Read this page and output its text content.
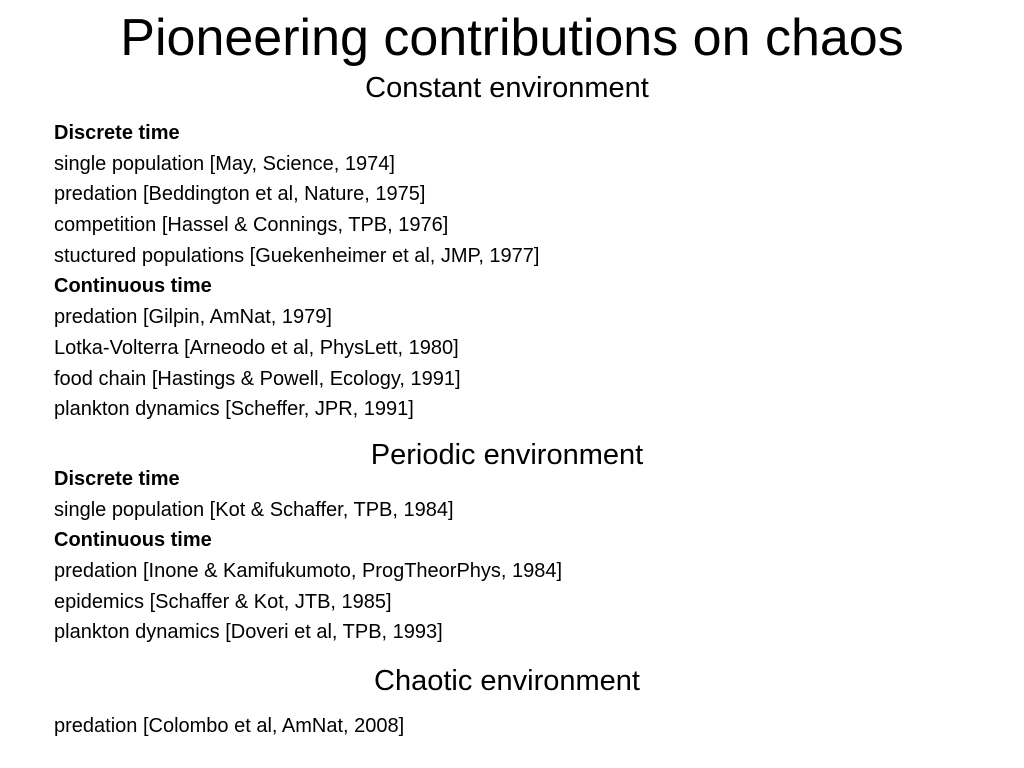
Pioneering contributions on chaos
Constant environment
Discrete time
single population [May, Science, 1974]
predation [Beddington et al, Nature, 1975]
competition [Hassel & Connings, TPB, 1976]
stuctured populations [Guekenheimer et al, JMP, 1977]
Continuous time
predation [Gilpin, AmNat, 1979]
Lotka-Volterra [Arneodo et al, PhysLett, 1980]
food chain [Hastings & Powell, Ecology, 1991]
plankton dynamics [Scheffer, JPR, 1991]
Periodic environment
Discrete time
single population [Kot & Schaffer, TPB, 1984]
Continuous time
predation [Inone & Kamifukumoto, ProgTheorPhys, 1984]
epidemics [Schaffer & Kot, JTB, 1985]
plankton dynamics [Doveri et al, TPB, 1993]
Chaotic environment
predation [Colombo et al, AmNat, 2008]
